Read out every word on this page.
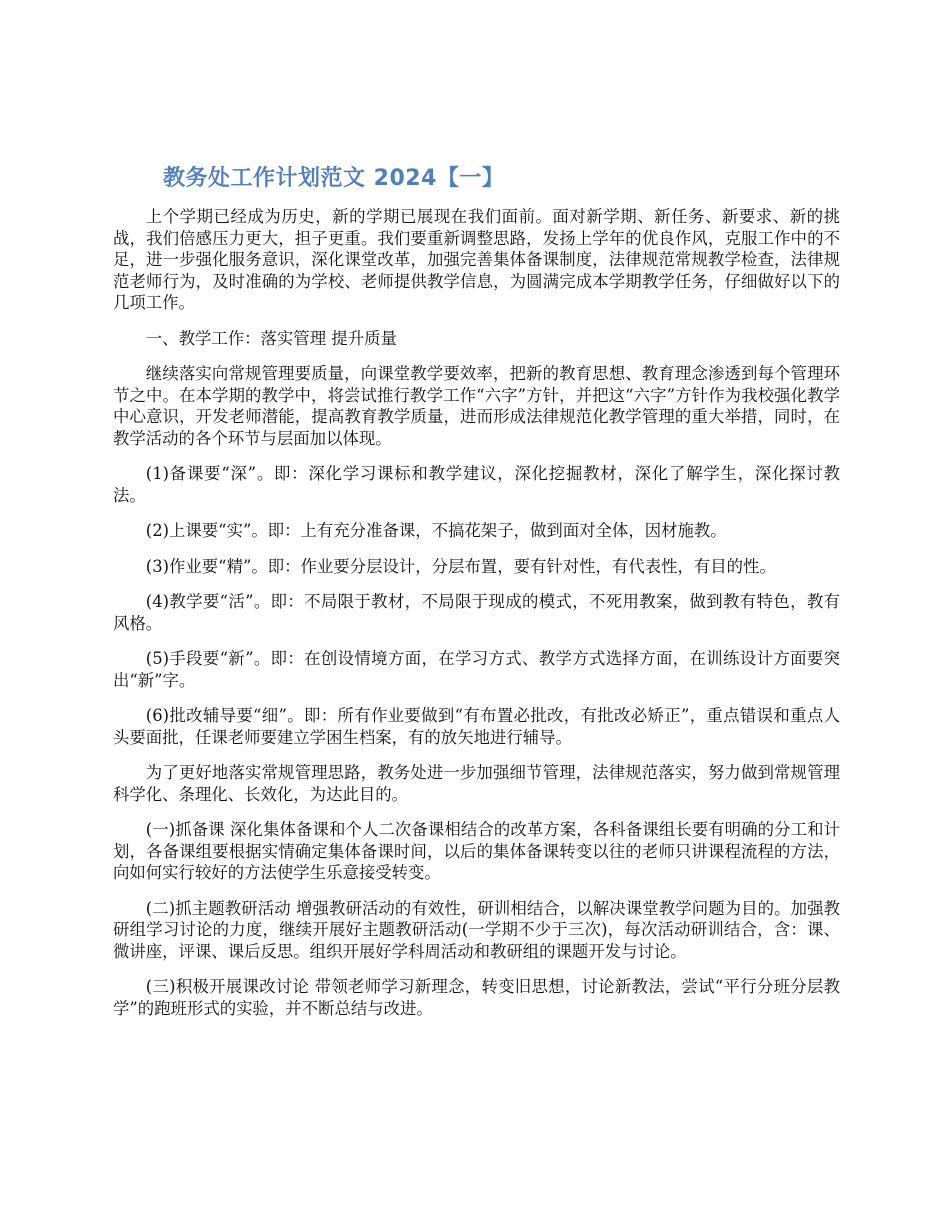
教务处工作计划范文 2024【一】

上个学期已经成为历史，新的学期已展现在我们面前。面对新学期、新任务、新要求、新的挑战，我们倍感压力更大，担子更重。我们要重新调整思路，发扬上学年的优良作风，克服工作中的不足，进一步强化服务意识，深化课堂改革，加强完善集体备课制度，法律规范常规教学检查，法律规范老师行为，及时准确的为学校、老师提供教学信息，为圆满完成本学期教学任务，仔细做好以下的几项工作。

一、教学工作：落实管理 提升质量

继续落实向常规管理要质量，向课堂教学要效率，把新的教育思想、教育理念渗透到每个管理环节之中。在本学期的教学中，将尝试推行教学工作“六字”方针，并把这“六字”方针作为我校强化教学中心意识，开发老师潜能，提高教育教学质量，进而形成法律规范化教学管理的重大举措，同时，在教学活动的各个环节与层面加以体现。

(1)备课要“深”。即：深化学习课标和教学建议，深化挖掘教材，深化了解学生，深化探讨教法。

(2)上课要“实”。即：上有充分准备课，不搞花架子，做到面对全体，因材施教。

(3)作业要“精”。即：作业要分层设计，分层布置，要有针对性，有代表性，有目的性。

(4)教学要“活”。即：不局限于教材，不局限于现成的模式，不死用教案，做到教有特色，教有风格。

(5)手段要“新”。即：在创设情境方面，在学习方式、教学方式选择方面，在训练设计方面要突出“新”字。

(6)批改辅导要“细”。即：所有作业要做到“有布置必批改，有批改必矫正”，重点错误和重点人头要面批，任课老师要建立学困生档案，有的放矢地进行辅导。

为了更好地落实常规管理思路，教务处进一步加强细节管理，法律规范落实，努力做到常规管理科学化、条理化、长效化，为达此目的。

(一)抓备课 深化集体备课和个人二次备课相结合的改革方案，各科备课组长要有明确的分工和计划，各备课组要根据实情确定集体备课时间，以后的集体备课转变以往的老师只讲课程流程的方法，向如何实行较好的方法使学生乐意接受转变。

(二)抓主题教研活动 增强教研活动的有效性，研训相结合，以解决课堂教学问题为目的。加强教研组学习讨论的力度，继续开展好主题教研活动(一学期不少于三次)，每次活动研训结合，含：课、微讲座，评课、课后反思。组织开展好学科周活动和教研组的课题开发与讨论。

(三)积极开展课改讨论 带领老师学习新理念，转变旧思想，讨论新教法，尝试“平行分班分层教学”的跑班形式的实验，并不断总结与改进。
